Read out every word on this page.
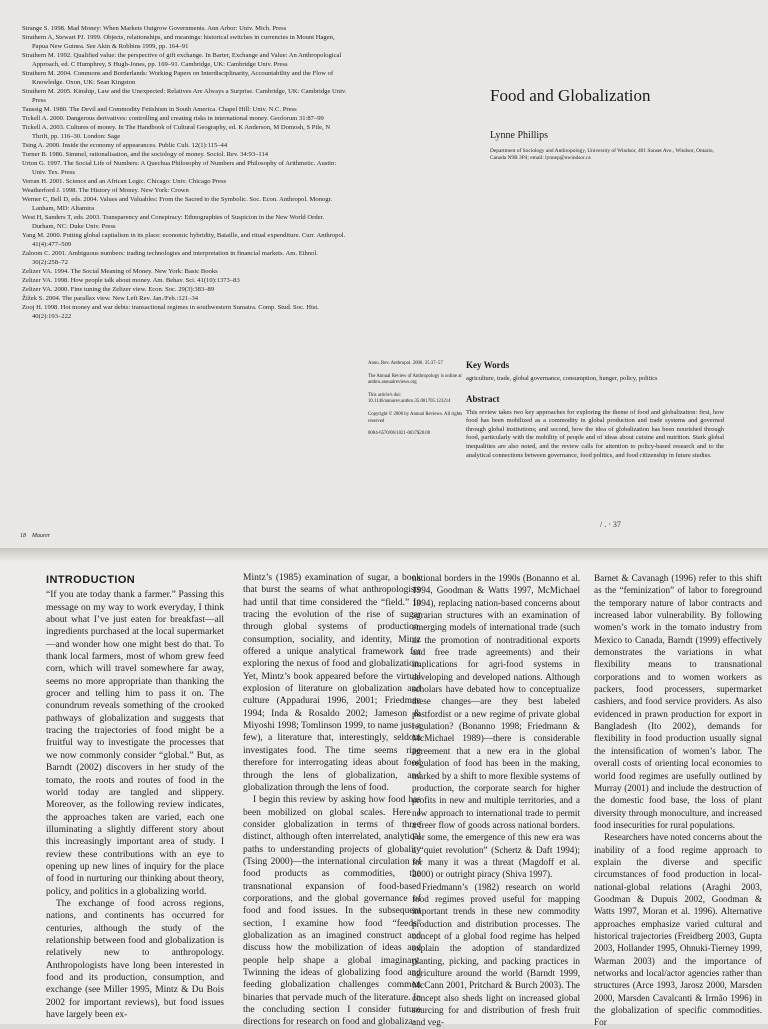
Strange S. 1998. Mad Money: When Markets Outgrow Governments. Ann Arbor: Univ. Mich. Press

Strathern A, Stewart PJ. 1999. Objects, relationships, and meanings: historical switches in currencies in Mount Hagen, Papua New Guinea. See Akin & Robbins 1999, pp. 164–91

Strathern M. 1992. Qualified value: the perspective of gift exchange. In Barter, Exchange and Value: An Anthropological Approach, ed. C Humphrey, S Hugh-Jones, pp. 169–91. Cambridge, UK: Cambridge Univ. Press

Strathern M. 2004. Commons and Borderlands: Working Papers on Interdisciplinarity, Accountability and the Flow of Knowledge. Oxon, UK: Sean Kingston

Strathern M. 2005. Kinship, Law and the Unexpected: Relatives Are Always a Surprise. Cambridge, UK: Cambridge Univ. Press

Taussig M. 1980. The Devil and Commodity Fetishism in South America. Chapel Hill: Univ. N.C. Press

Tickell A. 2000. Dangerous derivatives: controlling and creating risks in international money. Geoforum 31:87–99

Tickell A. 2003. Cultures of money. In The Handbook of Cultural Geography, ed. K Anderson, M Domosh, S Pile, N Thrift, pp. 116–30. London: Sage

Tsing A. 2000. Inside the economy of appearances. Public Cult. 12(1):115–44

Turner B. 1986. Simmel, rationalisation, and the sociology of money. Sociol. Rev. 34:93–114

Urton G. 1997. The Social Life of Numbers: A Quechua Philosophy of Numbers and Philosophy of Arithmetic. Austin: Univ. Tex. Press

Verran H. 2001. Science and an African Logic. Chicago: Univ. Chicago Press

Weatherford J. 1998. The History of Money. New York: Crown

Werner C, Bell D, eds. 2004. Values and Valuables: From the Sacred to the Symbolic. Soc. Econ. Anthropol. Monogr. Lanham, MD: Altamira

West H, Sanders T, eds. 2003. Transparency and Conspiracy: Ethnographies of Suspicion in the New World Order. Durham, NC: Duke Univ. Press

Yang M. 2000. Putting global capitalism in its place: economic hybridity, Bataille, and ritual expenditure. Curr. Anthropol. 41(4):477–509

Zaloom C. 2001. Ambiguous numbers: trading technologies and interpretation in financial markets. Am. Ethnol. 30(2):258–72

Zelizer VA. 1994. The Social Meaning of Money. New York: Basic Books

Zelizer VA. 1998. How people talk about money. Am. Behav. Sci. 41(10):1373–83

Zelizer VA. 2000. Fine tuning the Zelizer view. Econ. Soc. 29(3):383–89

Žižek S. 2004. The parallax view. New Left Rev. Jan./Feb.:121–34

Zooj H. 1998. Hot money and war debts: transactional regimes in southwestern Sumatra. Comp. Stud. Soc. Hist. 40(2):193–222

Food and Globalization
Lynne Phillips
Department of Sociology and Anthropology, University of Windsor, 401 Sunset Ave., Windsor, Ontario, Canada N9B 3P4; email: lynnep@uwindsor.ca

Annu. Rev. Anthropol. 2006. 35:37–57

The Annual Review of Anthropology is online at anthro.annualreviews.org

This article's doi:
10.1146/annurev.anthro.35.081705.123214

Copyright © 2006 by Annual Reviews. All rights reserved

0084-6570/06/1021-0037$20.00

Key Words

agriculture, trade, global governance, consumption, hunger, policy, politics

Abstract

This review takes two key approaches for exploring the theme of food and globalization: first, how food has been mobilized as a commodity in global production and trade systems and governed through global institutions; and second, how the idea of globalization has been nourished through food, particularly with the mobility of people and of ideas about cuisine and nutrition. Stark global inequalities are also noted, and the review calls for attention to policy-based research and to the analytical connections between governance, food politics, and food citizenship in future studies.

/ . · 37
18 Maurer
INTRODUCTION

“If you ate today thank a farmer.” Passing this message on my way to work everyday, I think about what I’ve just eaten for breakfast—all ingredients purchased at the local supermarket—and wonder how one might best do that. To thank local farmers, most of whom grew feed corn, which will travel somewhere far away, seems no more appropriate than thanking the grocer and telling him to pass it on. The conundrum reveals something of the crooked pathways of globalization and suggests that tracing the trajectories of food might be a fruitful way to investigate the processes that we now commonly consider “global.” But, as Barndt (2002) discovers in her study of the tomato, the roots and routes of food in the world today are tangled and slippery. Moreover, as the following review indicates, the approaches taken are varied, each one illuminating a slightly different story about this increasingly important area of study. I review these contributions with an eye to opening up new lines of inquiry for the place of food in nurturing our thinking about theory, policy, and politics in a globalizing world.

The exchange of food across regions, nations, and continents has occurred for centuries, although the study of the relationship between food and globalization is relatively new to anthropology. Anthropologists have long been interested in food and its production, consumption, and exchange (see Miller 1995, Mintz & Du Bois 2002 for important reviews), but food issues have largely been ex-

Mintz’s (1985) examination of sugar, a book that burst the seams of what anthropologists had until that time considered the “field.” In tracing the evolution of the rise of sugar through global systems of production, consumption, sociality, and identity, Mintz offered a unique analytical framework for exploring the nexus of food and globalization. Yet, Mintz’s book appeared before the virtual explosion of literature on globalization and culture (Appadurai 1996, 2001; Friedman 1994; Inda & Rosaldo 2002; Jameson & Miyoshi 1998; Tomlinson 1999, to name just a few), a literature that, interestingly, seldom investigates food. The time seems ripe therefore for interrogating ideas about food through the lens of globalization, and globalization through the lens of food.

I begin this review by asking how food has been mobilized on global scales. Here I consider globalization in terms of three distinct, although often interrelated, analytical paths to understanding projects of globality (Tsing 2000)—the international circulation of food products as commodities, the transnational expansion of food-based corporations, and the global governance of food and food issues. In the subsequent section, I examine how food “feeds” globalization as an imagined construct and discuss how the mobilization of ideas and people help shape a global imaginary. Twinning the ideas of globalizing food and feeding globalization challenges common binaries that pervade much of the literature. In the concluding section I consider future directions for research on food and globaliza-

national borders in the 1990s (Bonanno et al. 1994, Goodman & Watts 1997, McMichael 1994), replacing nation-based concerns about agrarian structures with an examination of emerging models of international trade (such as the promotion of nontraditional exports and free trade agreements) and their implications for agri-food systems in developing and developed nations. Although scholars have debated how to conceptualize these changes—are they best labeled postfordist or a new regime of private global regulation? (Bonanno 1998; Friedmann & McMichael 1989)—there is considerable agreement that a new era in the global regulation of food has been in the making, marked by a shift to more flexible systems of production, the corporate search for higher profits in new and multiple territories, and a new approach to international trade to permit a freer flow of goods across national borders. For some, the emergence of this new era was a “quiet revolution” (Schertz & Daft 1994); for many it was a threat (Magdoff et al. 2000) or outright piracy (Shiva 1997).

Friedmann’s (1982) research on world food regimes proved useful for mapping important trends in these new commodity production and distribution processes. The concept of a global food regime has helped explain the adoption of standardized planting, picking, and packing practices in agriculture around the world (Barndt 1999, McCann 2001, Pritchard & Burch 2003). The concept also sheds light on increased global sourcing for and distribution of fresh fruit and veg-

Barnet & Cavanagh (1996) refer to this shift as the “feminization” of labor to foreground the temporary nature of labor contracts and increased labor vulnerability. By following women’s work in the tomato industry from Mexico to Canada, Barndt (1999) effectively demonstrates the variations in what flexibility means to transnational corporations and to women workers as packers, food processers, supermarket cashiers, and food service providers. As also evidenced in prawn production for export in Bangladesh (Ito 2002), demands for flexibility in food production usually signal the intensification of women’s labor. The overall costs of orienting local economies to world food regimes are usefully outlined by Murray (2001) and include the destruction of the domestic food base, the loss of plant diversity through monoculture, and increased food insecurities for rural populations.

Researchers have noted concerns about the inability of a food regime approach to explain the diverse and specific circumstances of food production in local-national-global relations (Araghi 2003, Goodman & Dupuis 2002, Goodman & Watts 1997, Moran et al. 1996). Alternative approaches emphasize varied cultural and historical trajectories (Freidberg 2003, Gupta 2003, Hollander 1995, Ohnuki-Tierney 1999, Warman 2003) and the importance of networks and local/actor agencies rather than structures (Arce 1993, Jarosz 2000, Marsden 2000, Marsden Cavalcanti & Irmão 1996) in the globalization of specific commodities. For
